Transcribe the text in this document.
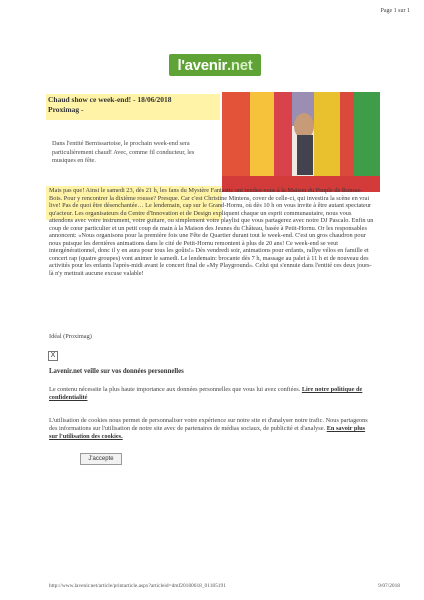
Page 1 sur 1
l'avenir .net
Chaud show ce week-end! - 18/06/2018
Proximag -
Dans l'entité Bernissartoise, le prochain week-end sera particulièrement chaud! Avec, comme fil conducteur, les musiques en fête.
Mais pas que! Ainsi le samedi 23, dès 21 h, les fans du Mystère Fantastic ont rendez-vous à la Maison du Peuple de Ronsse-Bois. Pour y rencontrer la dixième rousse? Presque. Car c'est Christine Mintens, cover de celle-ci, qui investira la scène en vrai live! Pas de quoi être désenchantée… Le lendemain, cap sur le Grand-Hornu, où dès 10 h on vous invite à être autant spectateur qu'acteur. Les organisateurs du Centre d'Innovation et de Design expliquent chaque un esprit communautaire, nous vous attendons avec votre instrument, votre guitare, ou simplement votre playlist que vous partagerez avec notre DJ Pascalo. Enfin un coup de cœur particulier et un petit coup de main à la Maison des Jeunes du Château, basée à Petit-Hornu. Or les responsables annoncent: «Nous organisons pour la première fois une Fête de Quartier durant tout le week-end. C'est un gros chaudron pour nous puisque les dernières animations dans le cité de Petit-Hornu remontent à plus de 20 ans! Ce week-end se veut intergénérationnel, donc il y en aura pour tous les goûts!» Dès vendredi soir, animations pour enfants, rallye vélos en famille et concert rap (quatre groupes) vont animer le samedi. Le lendemain: brocante dès 7 h, massage au palet à 11 h et de nouveau des activités pour les enfants l'après-midi avant le concert final de «My Playground». Celui qui s'ennuie dans l'entité ces deux jours-là n'y mettrait aucune excuse valable!
Idéal (Proximag)
X
Lavenir.net veille sur vos données personnelles
Le contenu nécessite la plus haute importance aux données personnelles que vous lui avez confiées. Lire notre politique de confidentialité
L'utilisation de cookies nous permet de personnaliser votre expérience sur notre site et d'analyser notre trafic. Nous partageons des informations sur l'utilisation de notre site avec de partenaires de médias sociaux, de publicité et d'analyse. En savoir plus sur l'utilisation des cookies.
J'accepte
http://www.lavenir.net/article/printarticle.aspx?articleid=dmf20180618_01185191	9/07/2018
